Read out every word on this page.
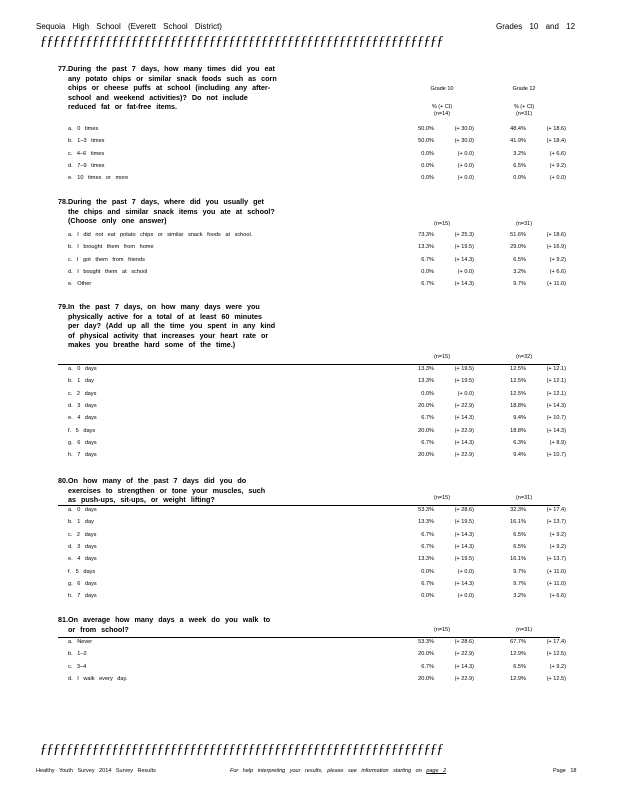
Sequoia High School (Everett School District)	Grades 10 and 12
ƒƒƒƒƒƒƒƒƒƒƒƒƒƒƒƒƒƒƒƒƒƒƒƒƒƒƒƒƒƒƒƒƒƒƒƒƒƒƒƒƒƒƒƒƒƒƒƒƒƒƒƒƒƒƒƒƒƒƒƒƒƒ
77. During the past 7 days, how many times did you eat any potato chips or similar snack foods such as corn chips or cheese puffs at school (including any after-school and weekend activities)? Do not include reduced fat or fat-free items.
Grade 10
% (+ CI)
Grade 12
% (+ CI)
(n=14)	(n=31)
a. 0 times	50.0%	(+ 30.0)	48.4%	(+ 18.6)
b. 1–3 times	50.0%	(+ 30.0)	41.9%	(+ 18.4)
c. 4–6 times	0.0%	(+ 0.0)	3.2%	(+ 6.6)
d. 7–9 times	0.0%	(+ 0.0)	6.5%	(+ 9.2)
e. 10 times or more	0.0%	(+ 0.0)	0.0%	(+ 0.0)
78. During the past 7 days, where did you usually get the chips and similar snack items you ate at school? (Choose only one answer)	(n=15)	(n=31)
a. I did not eat potato chips or similar snack foods at school.	73.3%	(+ 25.3)	51.6%	(+ 18.6)
b. I brought them from home	13.3%	(+ 19.5)	29.0%	(+ 16.9)
c. I got them from friends	6.7%	(+ 14.3)	6.5%	(+ 9.2)
d. I bought them at school	0.0%	(+ 0.0)	3.2%	(+ 6.6)
e. Other	6.7%	(+ 14.3)	9.7%	(+ 11.0)
79. In the past 7 days, on how many days were you physically active for a total of at least 60 minutes per day? (Add up all the time you spent in any kind of physical activity that increases your heart rate or makes you breathe hard some of the time.)
(n=15)	(n=32)
a. 0 days	13.3%	(+ 19.5)	12.5%	(+ 12.1)
b. 1 day	13.3%	(+ 19.5)	12.5%	(+ 12.1)
c. 2 days	0.0%	(+ 0.0)	12.5%	(+ 12.1)
d. 3 days	20.0%	(+ 22.9)	18.8%	(+ 14.3)
e. 4 days	6.7%	(+ 14.3)	9.4%	(+ 10.7)
f. 5 days	20.0%	(+ 22.9)	18.8%	(+ 14.3)
g. 6 days	6.7%	(+ 14.3)	6.3%	(+ 8.9)
h. 7 days	20.0%	(+ 22.9)	9.4%	(+ 10.7)
80. On how many of the past 7 days did you do exercises to strengthen or tone your muscles, such as push-ups, sit-ups, or weight lifting?	(n=15)	(n=31)
a. 0 days	53.3%	(+ 28.6)	32.3%	(+ 17.4)
b. 1 day	13.3%	(+ 19.5)	16.1%	(+ 13.7)
c. 2 days	6.7%	(+ 14.3)	6.5%	(+ 9.2)
d. 3 days	6.7%	(+ 14.3)	6.5%	(+ 9.2)
e. 4 days	13.3%	(+ 19.5)	16.1%	(+ 13.7)
f. 5 days	0.0%	(+ 0.0)	9.7%	(+ 11.0)
g. 6 days	6.7%	(+ 14.3)	9.7%	(+ 11.0)
h. 7 days	0.0%	(+ 0.0)	3.2%	(+ 6.6)
81. On average how many days a week do you walk to or from school?	(n=15)	(n=31)
a. Never	53.3%	(+ 28.6)	67.7%	(+ 17.4)
b. 1–2	20.0%	(+ 22.9)	12.9%	(+ 12.5)
c. 3–4	6.7%	(+ 14.3)	6.5%	(+ 9.2)
d. I walk every day.	20.0%	(+ 22.9)	12.9%	(+ 12.5)
ƒƒƒƒƒƒƒƒƒƒƒƒƒƒƒƒƒƒƒƒƒƒƒƒƒƒƒƒƒƒƒƒƒƒƒƒƒƒƒƒƒƒƒƒƒƒƒƒƒƒƒƒƒƒƒƒƒƒƒƒƒƒ
Healthy Youth Survey 2014 Survey Results	For help interpreting your results, please see information starting on page 2	Page 18
